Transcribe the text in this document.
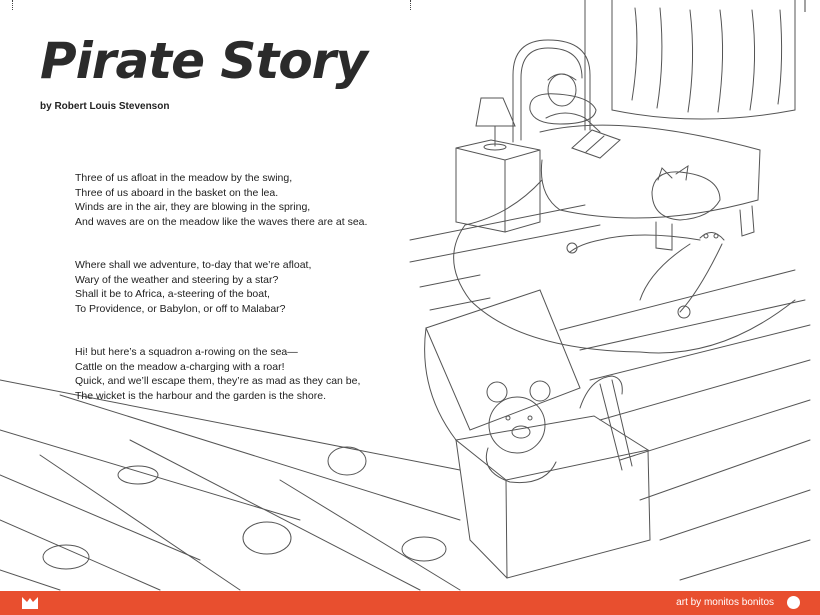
Pirate Story
by Robert Louis Stevenson
Three of us afloat in the meadow by the swing,
Three of us aboard in the basket on the lea.
Winds are in the air, they are blowing in the spring,
And waves are on the meadow like the waves there are at sea.
Where shall we adventure, to-day that we’re afloat,
Wary of the weather and steering by a star?
Shall it be to Africa, a-steering of the boat,
To Providence, or Babylon, or off to Malabar?
Hi! but here’s a squadron a-rowing on the sea—
Cattle on the meadow a-charging with a roar!
Quick, and we’ll escape them, they’re as mad as they can be,
The wicket is the harbour and the garden is the shore.
art by monitos bonitos
